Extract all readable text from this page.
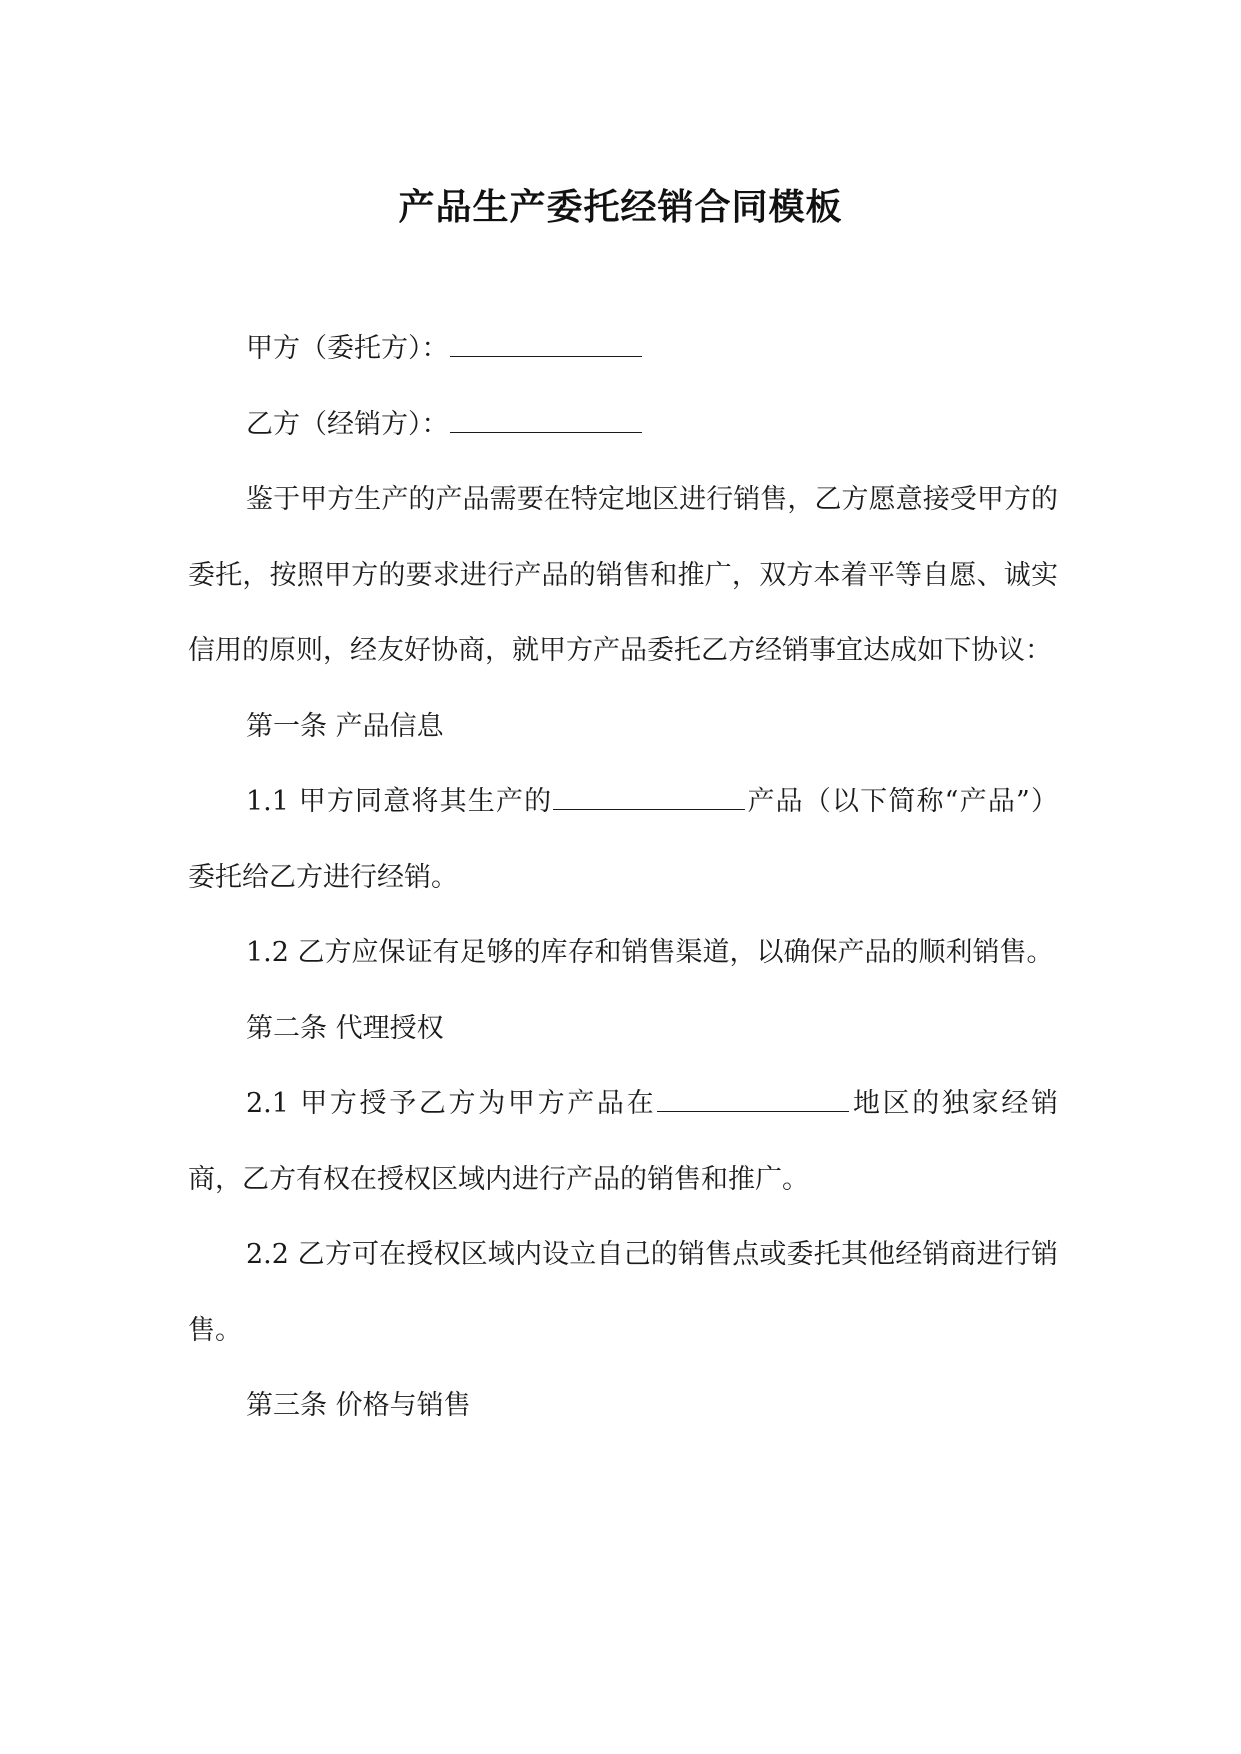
产品生产委托经销合同模板

甲方（委托方）：

乙方（经销方）：

鉴于甲方生产的产品需要在特定地区进行销售，乙方愿意接受甲方的委托，按照甲方的要求进行产品的销售和推广，双方本着平等自愿、诚实信用的原则，经友好协商，就甲方产品委托乙方经销事宜达成如下协议：

第一条 产品信息

1.1 甲方同意将其生产的	产品（以下简称“产品”）委托给乙方进行经销。

1.2 乙方应保证有足够的库存和销售渠道，以确保产品的顺利销售。

第二条 代理授权

2.1 甲方授予乙方为甲方产品在	地区的独家经销商，乙方有权在授权区域内进行产品的销售和推广。

2.2 乙方可在授权区域内设立自己的销售点或委托其他经销商进行销售。

第三条 价格与销售
